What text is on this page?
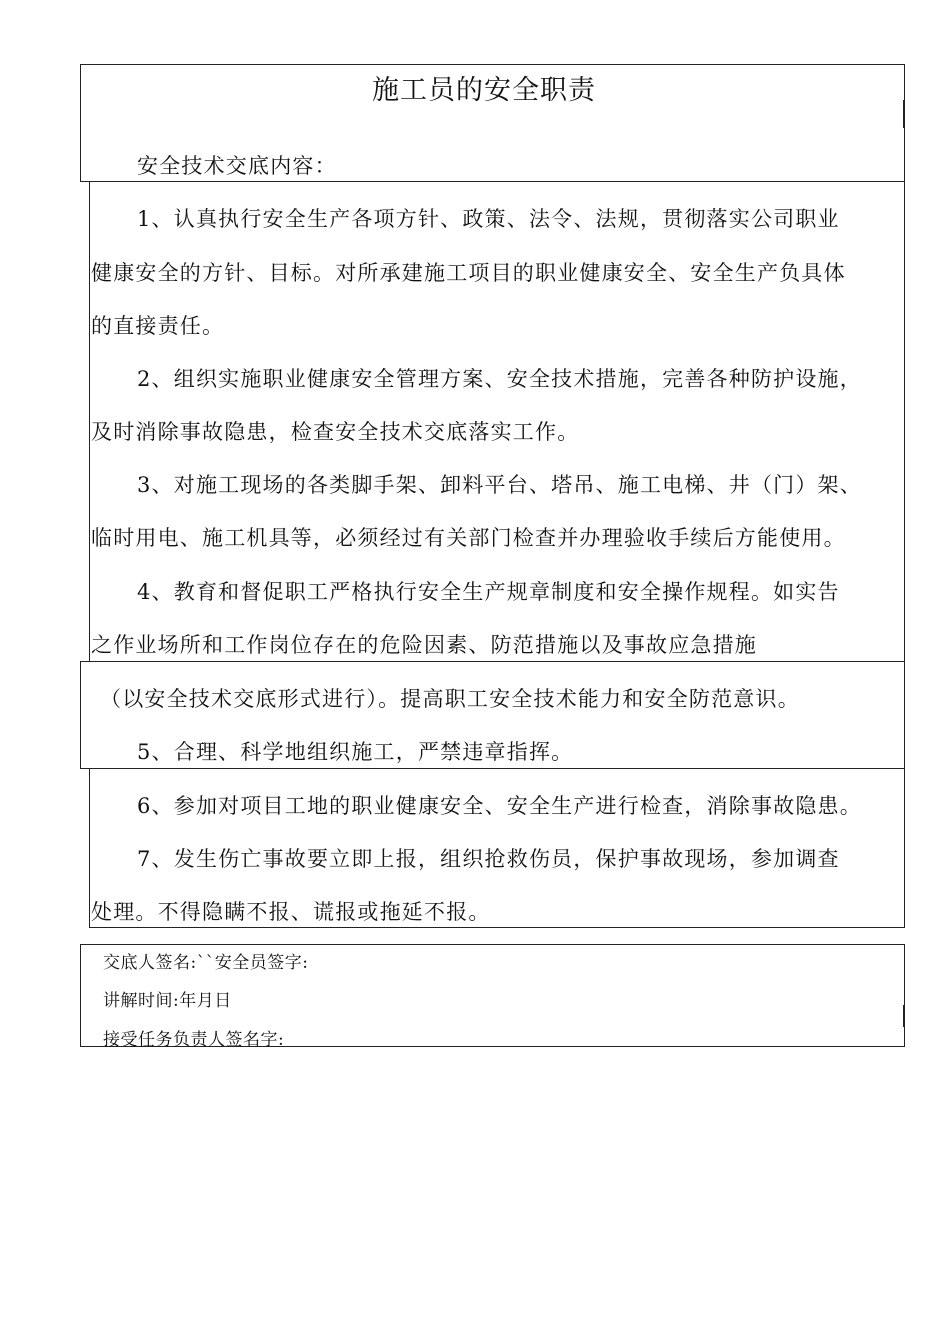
施工员的安全职责
安全技术交底内容：
1、认真执行安全生产各项方针、政策、法令、法规，贯彻落实公司职业
健康安全的方针、目标。对所承建施工项目的职业健康安全、安全生产负具体
的直接责任。
2、组织实施职业健康安全管理方案、安全技术措施，完善各种防护设施，
及时消除事故隐患，检查安全技术交底落实工作。
3、对施工现场的各类脚手架、卸料平台、塔吊、施工电梯、井（门）架、
临时用电、施工机具等，必须经过有关部门检查并办理验收手续后方能使用。
4、教育和督促职工严格执行安全生产规章制度和安全操作规程。如实告
之作业场所和工作岗位存在的危险因素、防范措施以及事故应急措施
（以安全技术交底形式进行）。提高职工安全技术能力和安全防范意识。
5、合理、科学地组织施工，严禁违章指挥。
6、参加对项目工地的职业健康安全、安全生产进行检查，消除事故隐患。
7、发生伤亡事故要立即上报，组织抢救伤员，保护事故现场，参加调查
处理。不得隐瞒不报、谎报或拖延不报。
交底人签名:``安全员签字:
讲解时间:年月日
接受任务负责人签名字:
